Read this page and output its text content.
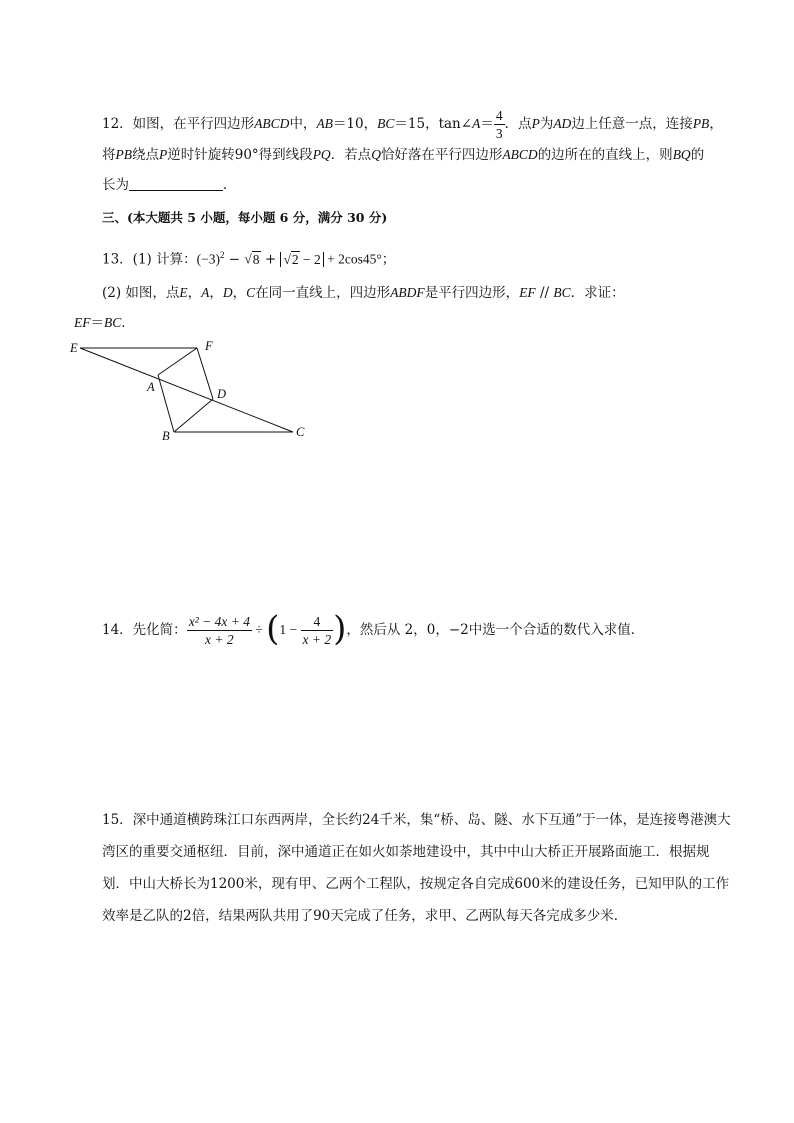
12．如图，在平行四边形ABCD中，AB＝10，BC＝15，tan∠A＝ $\frac{4}{3}$ ．点P为AD边上任意一点，连接PB，
将PB绕点P逆时针旋转90°得到线段PQ．若点Q恰好落在平行四边形ABCD的边所在的直线上，则BQ的
长为	．
三、(本大题共 5 小题，每小题 6 分，满分 30 分)
13．(1) 计算：$(-3)^2 - √8 + √2 - 2 + 2\cos 45^\circ$；
(2) 如图，点E，A，D，C在同一直线上，四边形ABDF是平行四边形，EF // BC．求证：
EF＝BC．
E	F
A	D
B	C
14．先化简： $\frac{\text{x² − 4x + 4}}{x + 2} \div (1 - \frac{4}{x + 2}$ )，然后从 2，0，−2中选一个合适的数代入求值．
15．深中通道横跨珠江口东西两岸，全长约24千米，集“桥、岛、隧、水下互通”于一体，是连接粤港澳大
湾区的重要交通枢纽．目前，深中通道正在如火如荼地建设中，其中中山大桥正开展路面施工．根据规
划．中山大桥长为1200米，现有甲、乙两个工程队，按规定各自完成600米的建设任务，已知甲队的工作
效率是乙队的2倍，结果两队共用了90天完成了任务，求甲、乙两队每天各完成多少米．
